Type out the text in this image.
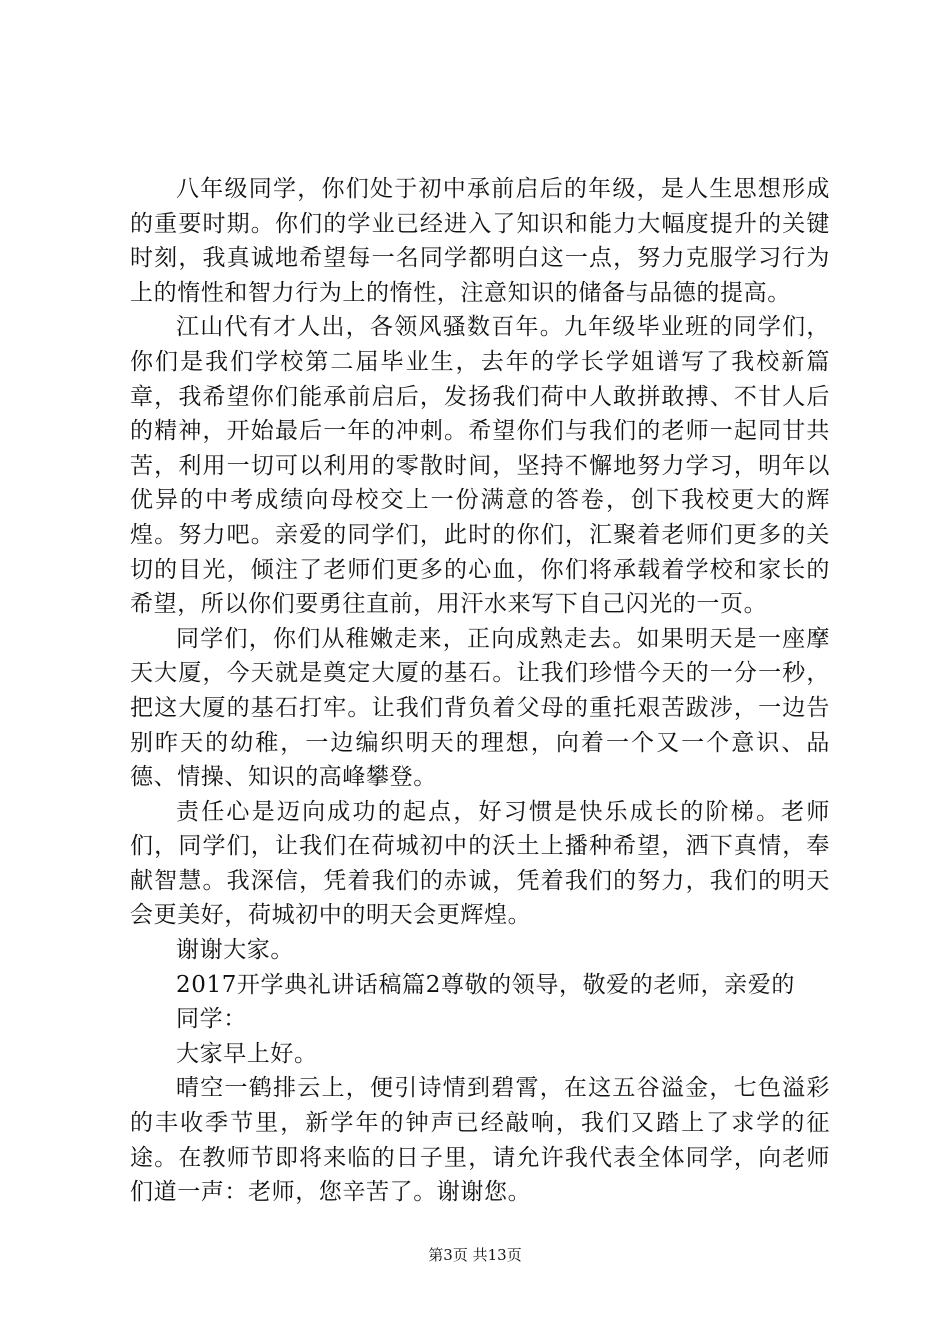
八年级同学，你们处于初中承前启后的年级，是人生思想形成的重要时期。你们的学业已经进入了知识和能力大幅度提升的关键时刻，我真诚地希望每一名同学都明白这一点，努力克服学习行为上的惰性和智力行为上的惰性，注意知识的储备与品德的提高。

江山代有才人出，各领风骚数百年。九年级毕业班的同学们，你们是我们学校第二届毕业生，去年的学长学姐谱写了我校新篇章，我希望你们能承前启后，发扬我们荷中人敢拼敢搏、不甘人后的精神，开始最后一年的冲刺。希望你们与我们的老师一起同甘共苦，利用一切可以利用的零散时间，坚持不懈地努力学习，明年以优异的中考成绩向母校交上一份满意的答卷，创下我校更大的辉煌。努力吧。亲爱的同学们，此时的你们，汇聚着老师们更多的关切的目光，倾注了老师们更多的心血，你们将承载着学校和家长的希望，所以你们要勇往直前，用汗水来写下自己闪光的一页。

同学们，你们从稚嫩走来，正向成熟走去。如果明天是一座摩天大厦，今天就是奠定大厦的基石。让我们珍惜今天的一分一秒，把这大厦的基石打牢。让我们背负着父母的重托艰苦跋涉，一边告别昨天的幼稚，一边编织明天的理想，向着一个又一个意识、品德、情操、知识的高峰攀登。

责任心是迈向成功的起点，好习惯是快乐成长的阶梯。老师们，同学们，让我们在荷城初中的沃土上播种希望，洒下真情，奉献智慧。我深信，凭着我们的赤诚，凭着我们的努力，我们的明天会更美好，荷城初中的明天会更辉煌。

谢谢大家。

2017开学典礼讲话稿篇2尊敬的领导，敬爱的老师，亲爱的

同学：

大家早上好。

晴空一鹤排云上，便引诗情到碧霄，在这五谷溢金，七色溢彩的丰收季节里，新学年的钟声已经敲响，我们又踏上了求学的征途。在教师节即将来临的日子里，请允许我代表全体同学，向老师们道一声：老师，您辛苦了。谢谢您。

第3页 共13页
